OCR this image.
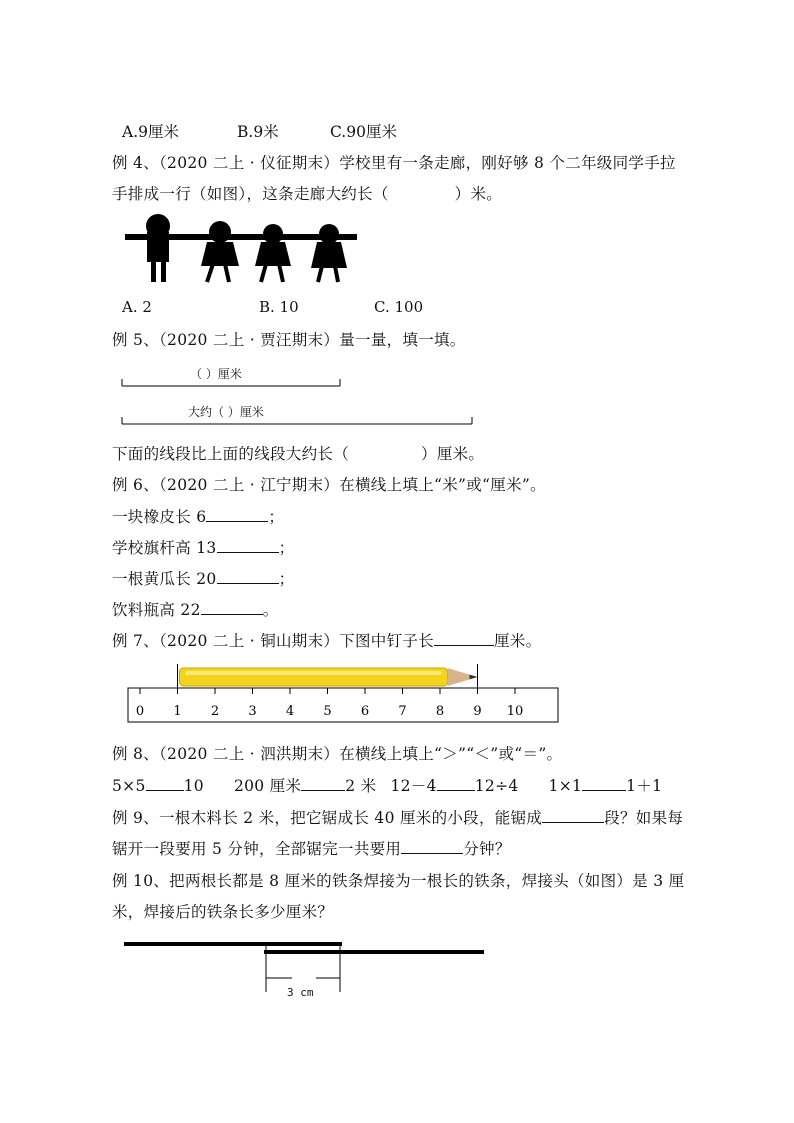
A.9厘米	B.9米	C.90厘米
例 4、（2020 二上 · 仪征期末）学校里有一条走廊，刚好够 8 个二年级同学手拉
手排成一行（如图），这条走廊大约长（	）米。
A. 2	B. 10	C. 100
例 5、（2020 二上 · 贾汪期末）量一量，填一填。
（ ）厘米
大约（ ）厘米
下面的线段比上面的线段大约长（	）厘米。
例 6、（2020 二上 · 江宁期末）在横线上填上“米”或“厘米”。
一块橡皮长 6	；
学校旗杆高 13	；
一根黄瓜长 20	；
饮料瓶高 22	。
例 7、（2020 二上 · 铜山期末）下图中钉子长	厘米。
0 1 2 3 4 5 6 7 8 9 10
例 8、（2020 二上 · 泗洪期末）在横线上填上“＞”“＜”或“＝”。
5×5 10 200 厘米	2 米 12－4 12÷4 1×1	1＋1
例 9、一根木料长 2 米，把它锯成长 40 厘米的小段，能锯成	段？如果每
锯开一段要用 5 分钟，全部锯完一共要用	分钟？
例 10、把两根长都是 8 厘米的铁条焊接为一根长的铁条，焊接头（如图）是 3 厘
米，焊接后的铁条长多少厘米？
3 cm
